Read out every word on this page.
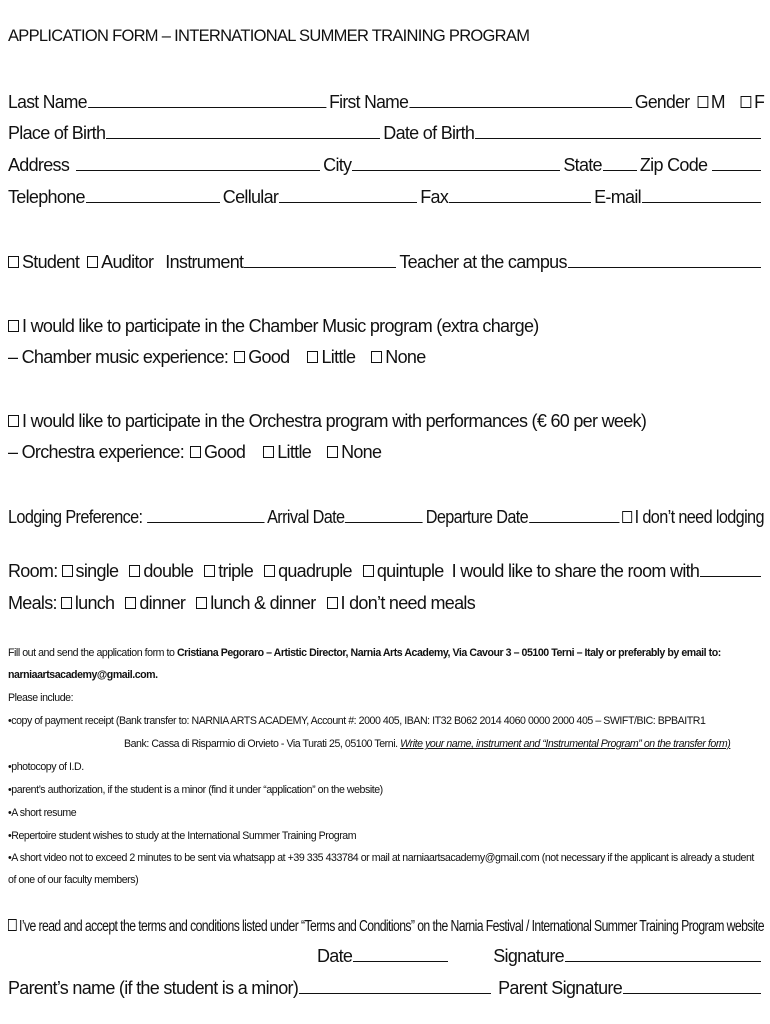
APPLICATION FORM – INTERNATIONAL SUMMER TRAINING PROGRAM
Last Name	First Name	Gender M F
Place of Birth	Date of Birth
Address	City	State Zip Code
Telephone	Cellular	Fax	E-mail
Student Auditor Instrument	Teacher at the campus
I would like to participate in the Chamber Music program (extra charge)
– Chamber music experience: Good Little None
I would like to participate in the Orchestra program with performances (€ 60 per week)
– Orchestra experience: Good Little None
Lodging Preference:	Arrival Date	Departure Date	I don’t need lodging
Room: single double triple quadruple quintuple I would like to share the room with
Meals: lunch dinner lunch & dinner I don’t need meals
Fill out and send the application form to Cristiana Pegoraro – Artistic Director, Narnia Arts Academy, Via Cavour 3 – 05100 Terni – Italy or preferably by email to: narniaartsacademy@gmail.com.
Please include:
•copy of payment receipt (Bank transfer to: NARNIA ARTS ACADEMY, Account #: 2000 405, IBAN: IT32 B062 2014 4060 0000 2000 405 – SWIFT/BIC: BPBAITR1
Bank: Cassa di Risparmio di Orvieto - Via Turati 25, 05100 Terni. Write your name, instrument and “Instrumental Program” on the transfer form)
•photocopy of I.D.
•parent’s authorization, if the student is a minor (find it under “application” on the website)
•A short resume
•Repertoire student wishes to study at the International Summer Training Program
•A short video not to exceed 2 minutes to be sent via whatsapp at +39 335 433784 or mail at narniaartsacademy@gmail.com (not necessary if the applicant is already a student of one of our faculty members)
I’ve read and accept the terms and conditions listed under “Terms and Conditions” on the Narnia Festival / International Summer Training Program website
Date	Signature
Parent’s name (if the student is a minor)	Parent Signature
